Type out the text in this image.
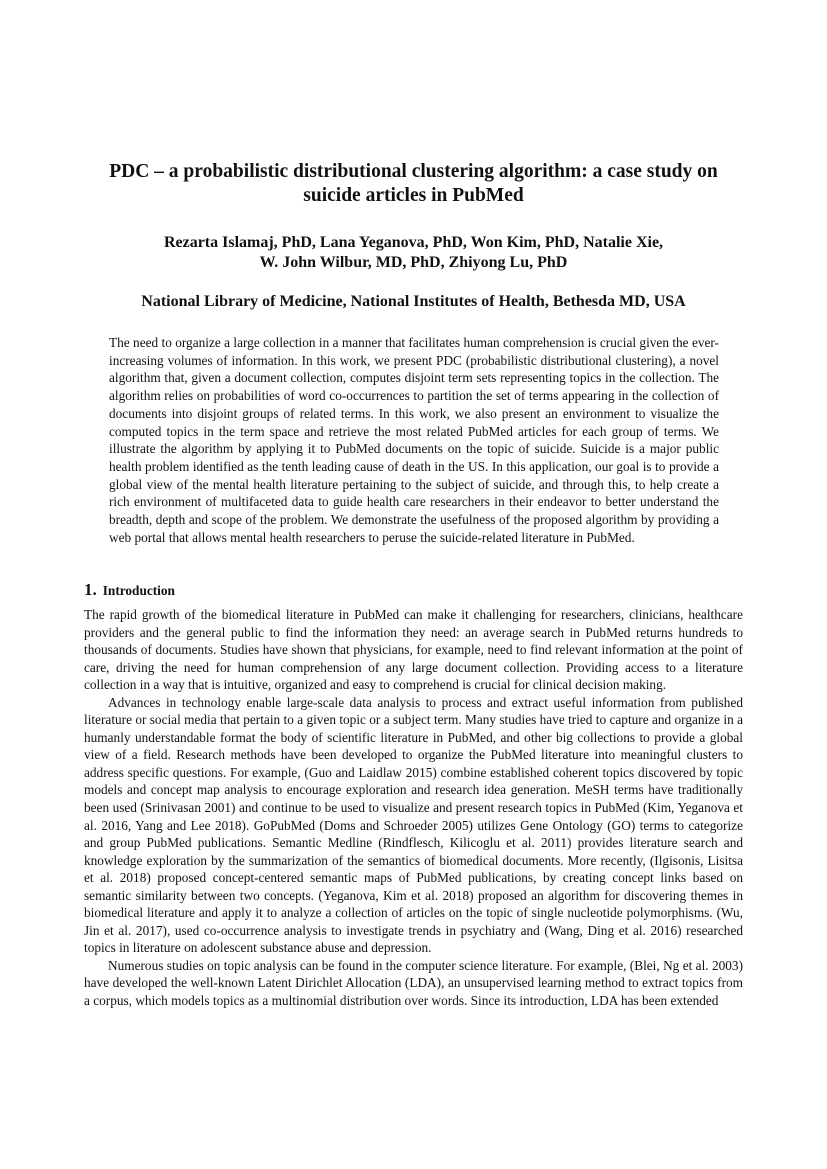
PDC – a probabilistic distributional clustering algorithm: a case study on suicide articles in PubMed
Rezarta Islamaj, PhD, Lana Yeganova, PhD, Won Kim, PhD, Natalie Xie,
W. John Wilbur, MD, PhD, Zhiyong Lu, PhD
National Library of Medicine, National Institutes of Health, Bethesda MD, USA

The need to organize a large collection in a manner that facilitates human comprehension is crucial given the ever-increasing volumes of information. In this work, we present PDC (probabilistic distributional clustering), a novel algorithm that, given a document collection, computes disjoint term sets representing topics in the collection. The algorithm relies on probabilities of word co-occurrences to partition the set of terms appearing in the collection of documents into disjoint groups of related terms. In this work, we also present an environment to visualize the computed topics in the term space and retrieve the most related PubMed articles for each group of terms. We illustrate the algorithm by applying it to PubMed documents on the topic of suicide. Suicide is a major public health problem identified as the tenth leading cause of death in the US. In this application, our goal is to provide a global view of the mental health literature pertaining to the subject of suicide, and through this, to help create a rich environment of multifaceted data to guide health care researchers in their endeavor to better understand the breadth, depth and scope of the problem. We demonstrate the usefulness of the proposed algorithm by providing a web portal that allows mental health researchers to peruse the suicide-related literature in PubMed.

1. Introduction

The rapid growth of the biomedical literature in PubMed can make it challenging for researchers, clinicians, healthcare providers and the general public to find the information they need: an average search in PubMed returns hundreds to thousands of documents. Studies have shown that physicians, for example, need to find relevant information at the point of care, driving the need for human comprehension of any large document collection. Providing access to a literature collection in a way that is intuitive, organized and easy to comprehend is crucial for clinical decision making.

Advances in technology enable large-scale data analysis to process and extract useful information from published literature or social media that pertain to a given topic or a subject term. Many studies have tried to capture and organize in a humanly understandable format the body of scientific literature in PubMed, and other big collections to provide a global view of a field. Research methods have been developed to organize the PubMed literature into meaningful clusters to address specific questions. For example, (Guo and Laidlaw 2015) combine established coherent topics discovered by topic models and concept map analysis to encourage exploration and research idea generation. MeSH terms have traditionally been used (Srinivasan 2001) and continue to be used to visualize and present research topics in PubMed (Kim, Yeganova et al. 2016, Yang and Lee 2018). GoPubMed (Doms and Schroeder 2005) utilizes Gene Ontology (GO) terms to categorize and group PubMed publications. Semantic Medline (Rindflesch, Kilicoglu et al. 2011) provides literature search and knowledge exploration by the summarization of the semantics of biomedical documents. More recently, (Ilgisonis, Lisitsa et al. 2018) proposed concept-centered semantic maps of PubMed publications, by creating concept links based on semantic similarity between two concepts. (Yeganova, Kim et al. 2018) proposed an algorithm for discovering themes in biomedical literature and apply it to analyze a collection of articles on the topic of single nucleotide polymorphisms. (Wu, Jin et al. 2017), used co-occurrence analysis to investigate trends in psychiatry and (Wang, Ding et al. 2016) researched topics in literature on adolescent substance abuse and depression.

Numerous studies on topic analysis can be found in the computer science literature. For example, (Blei, Ng et al. 2003) have developed the well-known Latent Dirichlet Allocation (LDA), an unsupervised learning method to extract topics from a corpus, which models topics as a multinomial distribution over words. Since its introduction, LDA has been extended
